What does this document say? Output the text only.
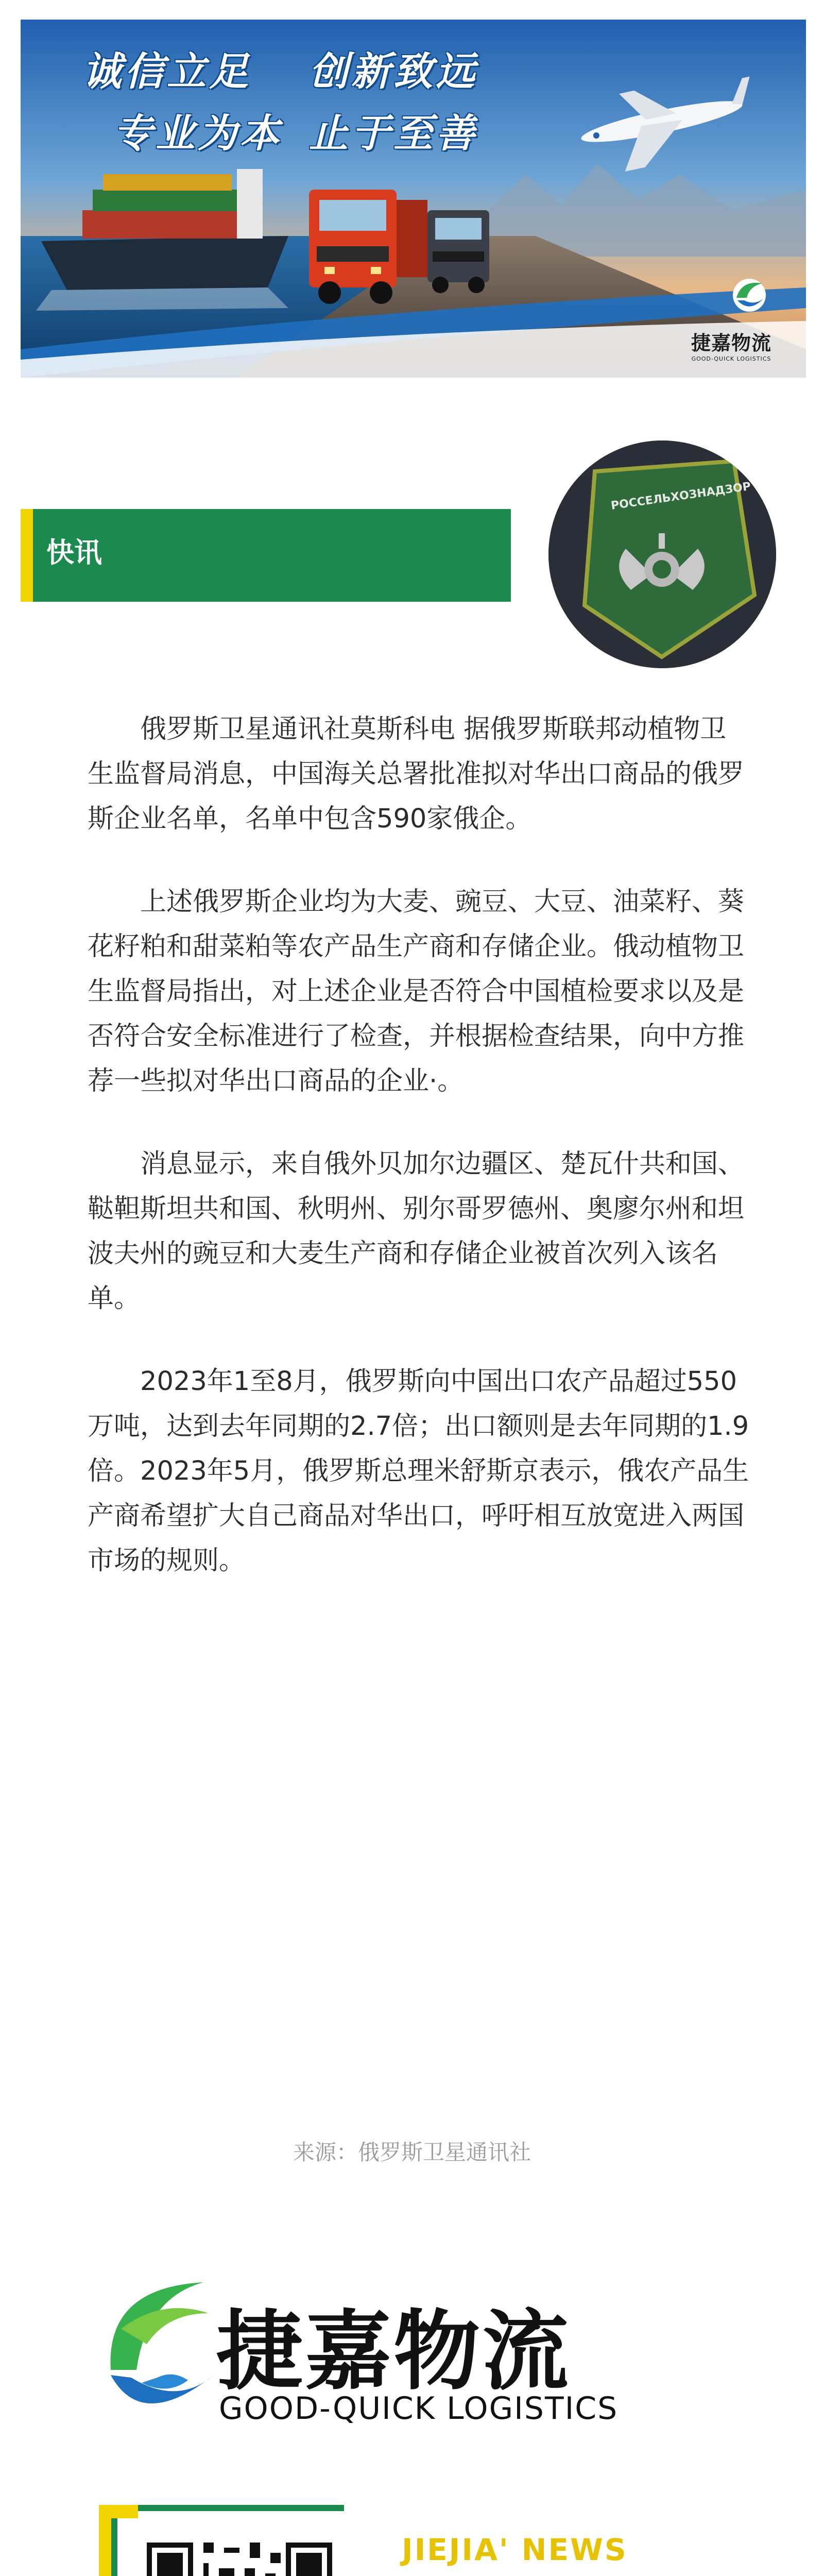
诚信立足 创新致远
专业为本 止于至善
捷嘉物流
GOOD-QUICK LOGISTICS
快讯
РОССЕЛЬХОЗНАДЗОР

俄罗斯卫星通讯社莫斯科电 据俄罗斯联邦动植物卫生监督局消息，中国海关总署批准拟对华出口商品的俄罗斯企业名单，名单中包含590家俄企。

上述俄罗斯企业均为大麦、豌豆、大豆、油菜籽、葵花籽粕和甜菜粕等农产品生产商和存储企业。俄动植物卫生监督局指出，对上述企业是否符合中国植检要求以及是否符合安全标准进行了检查，并根据检查结果，向中方推荐一些拟对华出口商品的企业·。

消息显示，来自俄外贝加尔边疆区、楚瓦什共和国、鞑靼斯坦共和国、秋明州、别尔哥罗德州、奥廖尔州和坦波夫州的豌豆和大麦生产商和存储企业被首次列入该名单。

2023年1至8月，俄罗斯向中国出口农产品超过550万吨，达到去年同期的2.7倍；出口额则是去年同期的1.9倍。2023年5月，俄罗斯总理米舒斯京表示，俄农产品生产商希望扩大自己商品对华出口，呼吁相互放宽进入两国市场的规则。

来源：俄罗斯卫星通讯社
捷嘉物流
GOOD-QUICK LOGISTICS
JIEJIA' NEWS
